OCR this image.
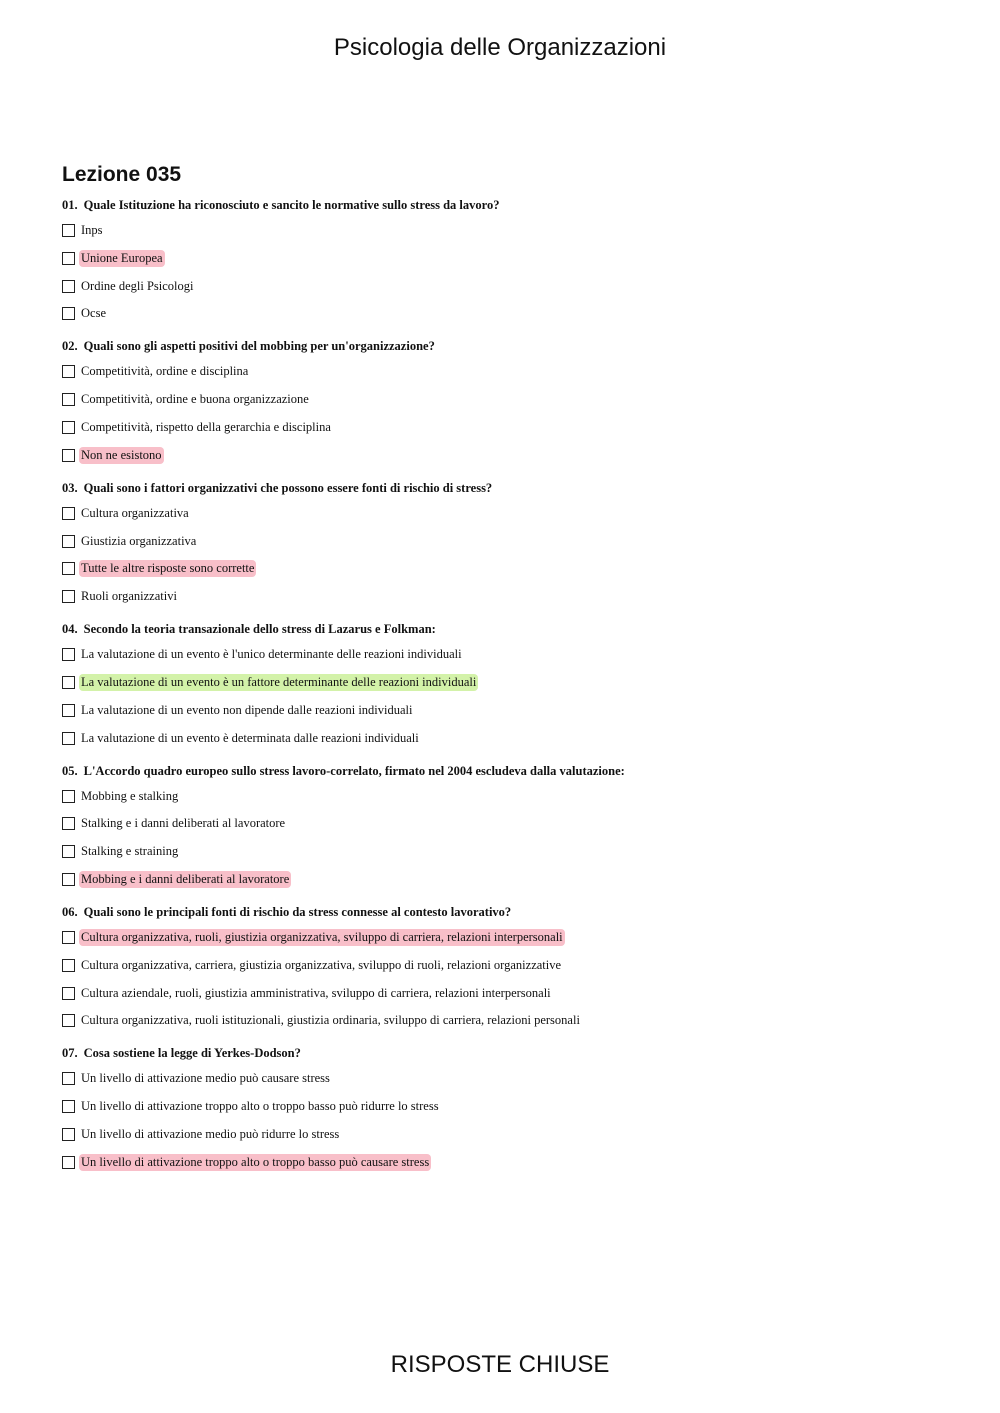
Psicologia delle Organizzazioni
Lezione 035
01. Quale Istituzione ha riconosciuto e sancito le normative sullo stress da lavoro?
Inps
Unione Europea
Ordine degli Psicologi
Ocse
02. Quali sono gli aspetti positivi del mobbing per un'organizzazione?
Competitività, ordine e disciplina
Competitività, ordine e buona organizzazione
Competitività, rispetto della gerarchia e disciplina
Non ne esistono
03. Quali sono i fattori organizzativi che possono essere fonti di rischio di stress?
Cultura organizzativa
Giustizia organizzativa
Tutte le altre risposte sono corrette
Ruoli organizzativi
04. Secondo la teoria transazionale dello stress di Lazarus e Folkman:
La valutazione di un evento è l'unico determinante delle reazioni individuali
La valutazione di un evento è un fattore determinante delle reazioni individuali
La valutazione di un evento non dipende dalle reazioni individuali
La valutazione di un evento è determinata dalle reazioni individuali
05. L'Accordo quadro europeo sullo stress lavoro-correlato, firmato nel 2004 escludeva dalla valutazione:
Mobbing e stalking
Stalking e i danni deliberati al lavoratore
Stalking e straining
Mobbing e i danni deliberati al lavoratore
06. Quali sono le principali fonti di rischio da stress connesse al contesto lavorativo?
Cultura organizzativa, ruoli, giustizia organizzativa, sviluppo di carriera, relazioni interpersonali
Cultura organizzativa, carriera, giustizia organizzativa, sviluppo di ruoli, relazioni organizzative
Cultura aziendale, ruoli, giustizia amministrativa, sviluppo di carriera, relazioni interpersonali
Cultura organizzativa, ruoli istituzionali, giustizia ordinaria, sviluppo di carriera, relazioni personali
07. Cosa sostiene la legge di Yerkes-Dodson?
Un livello di attivazione medio può causare stress
Un livello di attivazione troppo alto o troppo basso può ridurre lo stress
Un livello di attivazione medio può ridurre lo stress
Un livello di attivazione troppo alto o troppo basso può causare stress
RISPOSTE CHIUSE
